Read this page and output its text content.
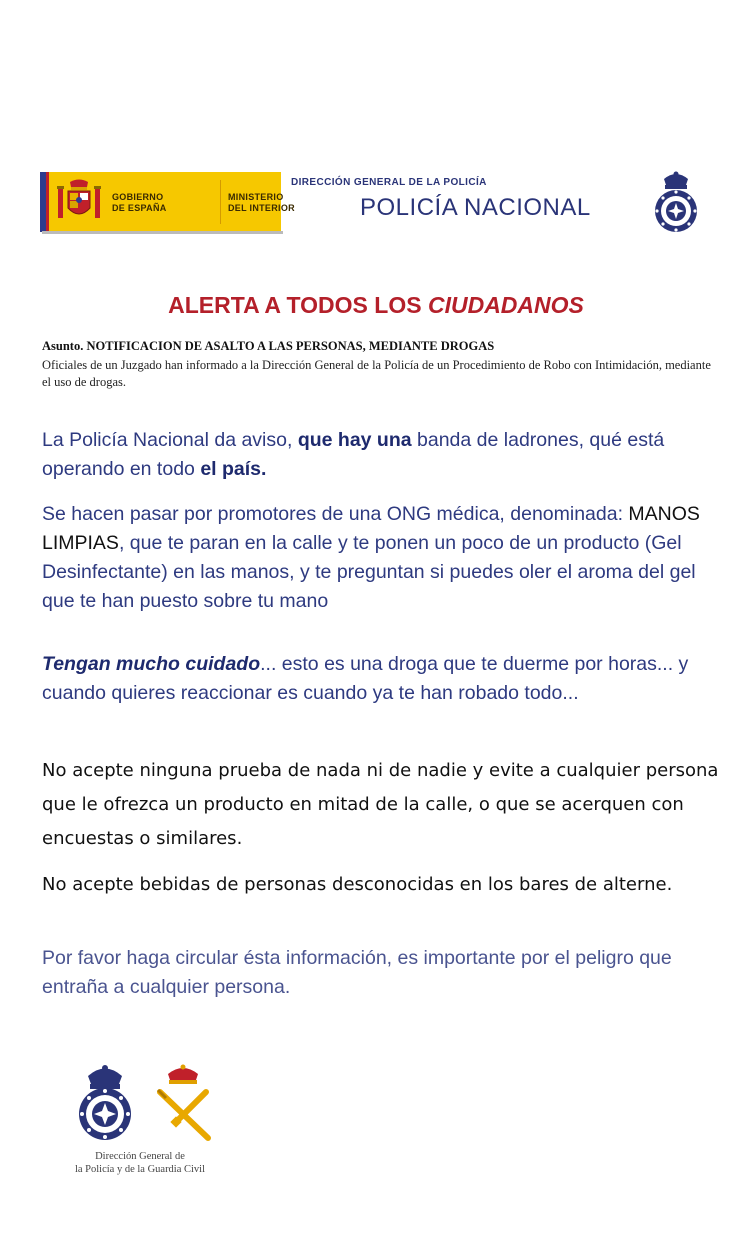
GOBIERNO
DE ESPAÑA
MINISTERIO
DEL INTERIOR
DIRECCIÓN GENERAL DE LA POLICÍA
POLICÍA NACIONAL
ALERTA A TODOS LOS CIUDADANOS
Asunto. NOTIFICACION DE ASALTO A LAS PERSONAS, MEDIANTE DROGAS
Oficiales de un Juzgado han informado a la Dirección General de la Policía de un Procedimiento de Robo con Intimidación, mediante el uso de drogas.
La Policía Nacional da aviso, que hay una banda de ladrones, qué está operando en todo el país.
Se hacen pasar por promotores de una ONG médica, denominada: MANOS LIMPIAS, que te paran en la calle y te ponen un poco de un producto (Gel Desinfectante) en las manos, y te preguntan si puedes oler el aroma del gel que te han puesto sobre tu mano
Tengan mucho cuidado... esto es una droga que te duerme por horas... y cuando quieres reaccionar es cuando ya te han robado todo...
No acepte ninguna prueba de nada ni de nadie y evite a cualquier persona que le ofrezca un producto en mitad de la calle, o que se acerquen con encuestas o similares.
No acepte bebidas de personas desconocidas en los bares de alterne.
Por favor haga circular ésta información, es importante por el peligro que entraña a cualquier persona.
Dirección General de
la Policía y de la Guardia Civil
